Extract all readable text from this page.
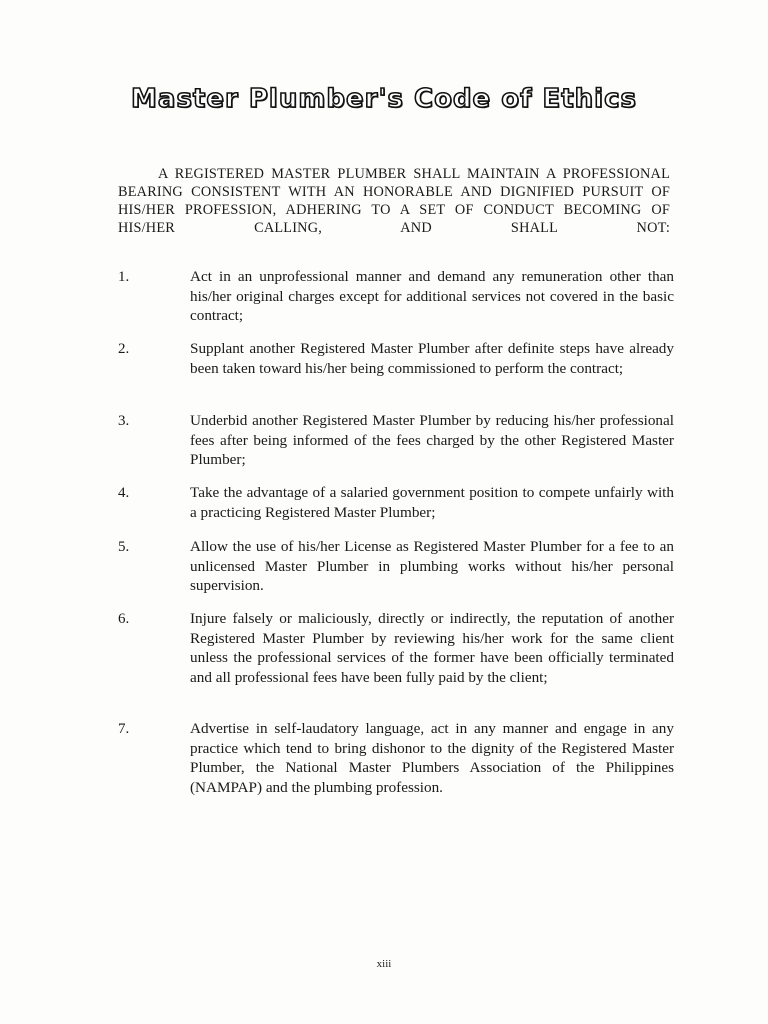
Master Plumber's Code of Ethics

A REGISTERED MASTER PLUMBER SHALL MAINTAIN A PROFESSIONAL BEARING CONSISTENT WITH AN HONORABLE AND DIGNIFIED PURSUIT OF HIS/HER PROFESSION, ADHERING TO A SET OF CONDUCT BECOMING OF HIS/HER CALLING, AND SHALL NOT:

1.	Act in an unprofessional manner and demand any remuneration other than his/her original charges except for additional services not covered in the basic contract;
2.	Supplant another Registered Master Plumber after definite steps have already been taken toward his/her being commissioned to perform the contract;
3.	Underbid another Registered Master Plumber by reducing his/her professional fees after being informed of the fees charged by the other Registered Master Plumber;
4.	Take the advantage of a salaried government position to compete unfairly with a practicing Registered Master Plumber;
5.	Allow the use of his/her License as Registered Master Plumber for a fee to an unlicensed Master Plumber in plumbing works without his/her personal supervision.
6.	Injure falsely or maliciously, directly or indirectly, the reputation of another Registered Master Plumber by reviewing his/her work for the same client unless the professional services of the former have been officially terminated and all professional fees have been fully paid by the client;
7.	Advertise in self-laudatory language, act in any manner and engage in any practice which tend to bring dishonor to the dignity of the Registered Master Plumber, the National Master Plumbers Association of the Philippines (NAMPAP) and the plumbing profession.
xiii
